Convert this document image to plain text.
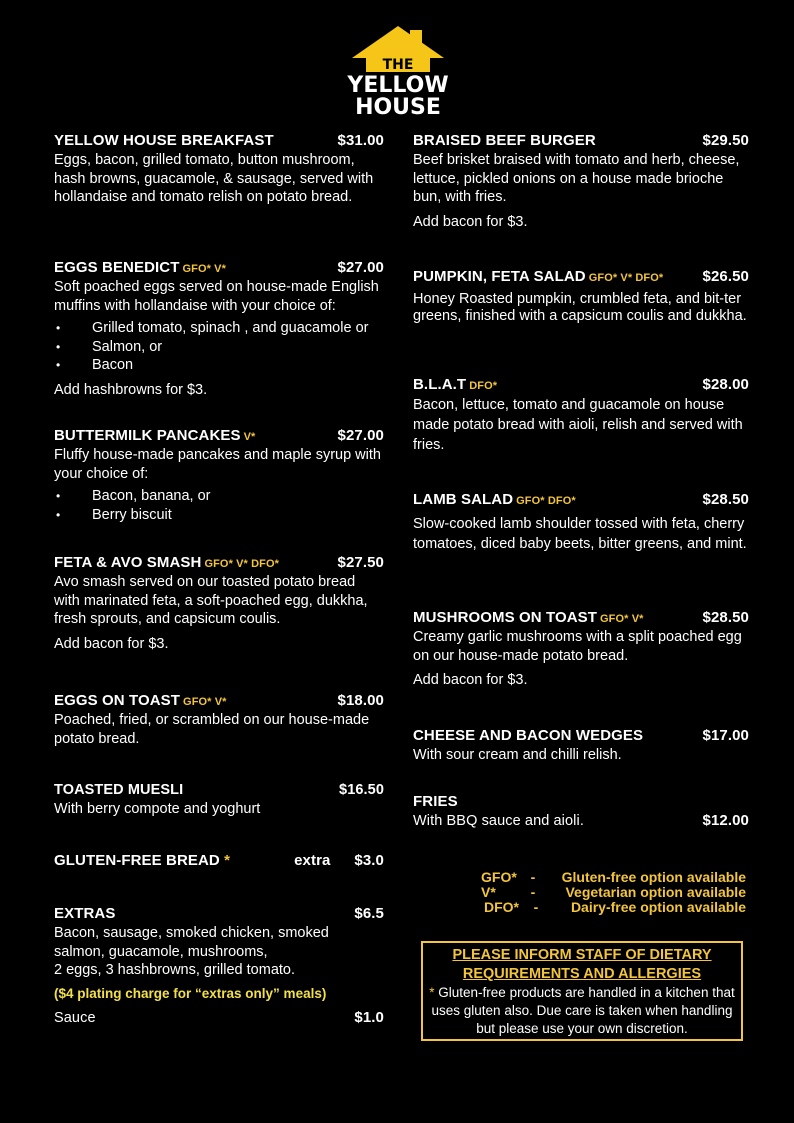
THE
YELLOW
HOUSE
YELLOW HOUSE BREAKFAST	$31.00
Eggs, bacon, grilled tomato, button mushroom, hash browns, guacamole, & sausage, served with hollandaise and tomato relish on potato bread.
EGGS BENEDICT GFO* V*	$27.00
Soft poached eggs served on house-made English muffins with hollandaise with your choice of:
• Grilled tomato, spinach , and guacamole or
• Salmon, or
• Bacon
Add hashbrowns for $3.
BUTTERMILK PANCAKES V*	$27.00
Fluffy house-made pancakes and maple syrup with your choice of:
• Bacon, banana, or
• Berry biscuit
FETA & AVO SMASH GFO* V* DFO*	$27.50
Avo smash served on our toasted potato bread with marinated feta, a soft-poached egg, dukkha, fresh sprouts, and capsicum coulis.
Add bacon for $3.
EGGS ON TOAST GFO* V*	$18.00
Poached, fried, or scrambled on our house-made potato bread.
TOASTED MUESLI	$16.50
With berry compote and yoghurt
GLUTEN-FREE BREAD *	extra $3.0
EXTRAS	$6.5
Bacon, sausage, smoked chicken, smoked
salmon, guacamole, mushrooms,
2 eggs, 3 hashbrowns, grilled tomato.
($4 plating charge for “extras only” meals)
Sauce	$1.0
BRAISED BEEF BURGER	$29.50
Beef brisket braised with tomato and herb, cheese, lettuce, pickled onions on a house made brioche bun, with fries.
Add bacon for $3.
PUMPKIN, FETA SALAD GFO* V* DFO*	$26.50
Honey Roasted pumpkin, crumbled feta, and bit-ter greens, finished with a capsicum coulis and dukkha.
B.L.A.T DFO*	$28.00
Bacon, lettuce, tomato and guacamole on house made potato bread with aioli, relish and served with fries.
LAMB SALAD GFO* DFO*	$28.50
Slow-cooked lamb shoulder tossed with feta, cherry tomatoes, diced baby beets, bitter greens, and mint.
MUSHROOMS ON TOAST GFO* V*	$28.50
Creamy garlic mushrooms with a split poached egg on our house-made potato bread.
Add bacon for $3.
CHEESE AND BACON WEDGES	$17.00
With sour cream and chilli relish.
FRIES
With BBQ sauce and aioli.	$12.00
GFO* -	Gluten-free option available
V*	-	Vegetarian option available
DFO*	-	Dairy-free option available
PLEASE INFORM STAFF OF DIETARY
REQUIREMENTS AND ALLERGIES
* Gluten-free products are handled in a kitchen that uses gluten also. Due care is taken when handling but please use your own discretion.
